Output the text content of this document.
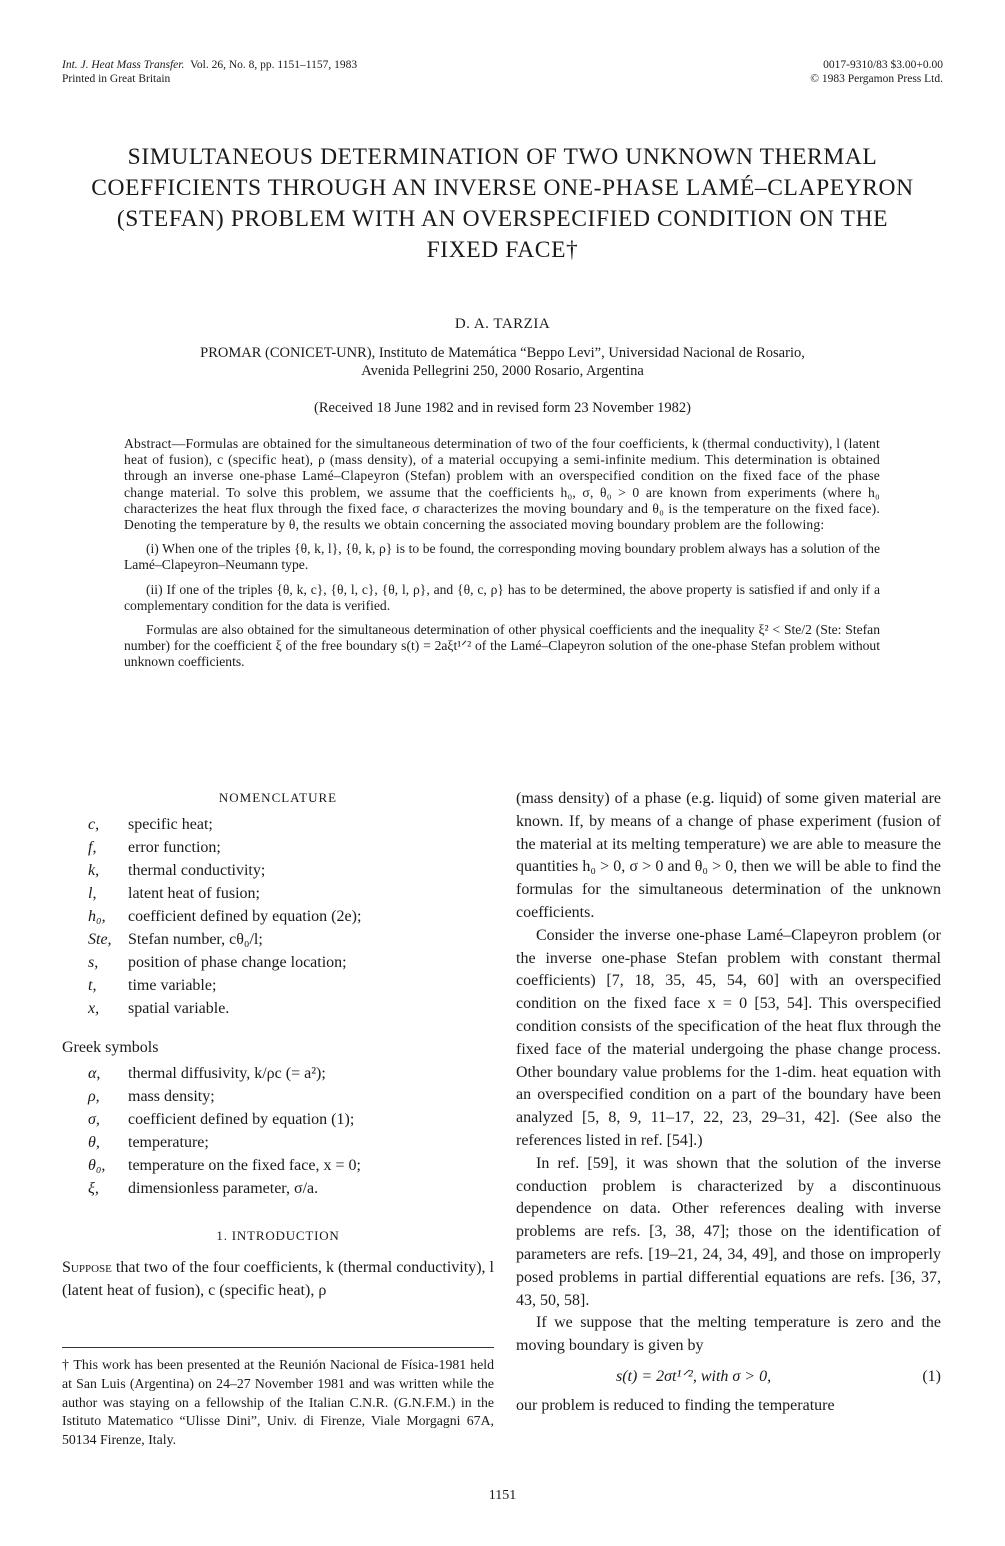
Int. J. Heat Mass Transfer. Vol. 26, No. 8, pp. 1151–1157, 1983
Printed in Great Britain
0017-9310/83 $3.00+0.00
© 1983 Pergamon Press Ltd.
SIMULTANEOUS DETERMINATION OF TWO UNKNOWN THERMAL COEFFICIENTS THROUGH AN INVERSE ONE-PHASE LAMÉ–CLAPEYRON (STEFAN) PROBLEM WITH AN OVERSPECIFIED CONDITION ON THE FIXED FACE†
D. A. TARZIA
PROMAR (CONICET-UNR), Instituto de Matemática “Beppo Levi”, Universidad Nacional de Rosario,
Avenida Pellegrini 250, 2000 Rosario, Argentina
(Received 18 June 1982 and in revised form 23 November 1982)

Abstract—Formulas are obtained for the simultaneous determination of two of the four coefficients, k (thermal conductivity), l (latent heat of fusion), c (specific heat), ρ (mass density), of a material occupying a semi-infinite medium. This determination is obtained through an inverse one-phase Lamé–Clapeyron (Stefan) problem with an overspecified condition on the fixed face of the phase change material. To solve this problem, we assume that the coefficients h₀, σ, θ₀ > 0 are known from experiments (where h₀ characterizes the heat flux through the fixed face, σ characterizes the moving boundary and θ₀ is the temperature on the fixed face). Denoting the temperature by θ, the results we obtain concerning the associated moving boundary problem are the following:

(i) When one of the triples {θ, k, l}, {θ, k, ρ} is to be found, the corresponding moving boundary problem always has a solution of the Lamé–Clapeyron–Neumann type.

(ii) If one of the triples {θ, k, c}, {θ, l, c}, {θ, l, ρ}, and {θ, c, ρ} has to be determined, the above property is satisfied if and only if a complementary condition for the data is verified.

Formulas are also obtained for the simultaneous determination of other physical coefficients and the inequality ξ² < Ste/2 (Ste: Stefan number) for the coefficient ξ of the free boundary s(t) = 2aξt¹ᐟ² of the Lamé–Clapeyron solution of the one-phase Stefan problem without unknown coefficients.

NOMENCLATURE
c,	specific heat;
f,	error function;
k,	thermal conductivity;
l,	latent heat of fusion;
h₀,	coefficient defined by equation (2e);
Ste,	Stefan number, cθ₀/l;
s,	position of phase change location;
t,	time variable;
x,	spatial variable.
Greek symbols
α,	thermal diffusivity, k/ρc (= a²);
ρ,	mass density;
σ,	coefficient defined by equation (1);
θ,	temperature;
θ₀,	temperature on the fixed face, x = 0;
ξ,	dimensionless parameter, σ/a.
1. INTRODUCTION

Suppose that two of the four coefficients, k (thermal conductivity), l (latent heat of fusion), c (specific heat), ρ

† This work has been presented at the Reunión Nacional de Física-1981 held at San Luis (Argentina) on 24–27 November 1981 and was written while the author was staying on a fellowship of the Italian C.N.R. (G.N.F.M.) in the Istituto Matematico “Ulisse Dini”, Univ. di Firenze, Viale Morgagni 67A, 50134 Firenze, Italy.

(mass density) of a phase (e.g. liquid) of some given material are known. If, by means of a change of phase experiment (fusion of the material at its melting temperature) we are able to measure the quantities h₀ > 0, σ > 0 and θ₀ > 0, then we will be able to find the formulas for the simultaneous determination of the unknown coefficients.

Consider the inverse one-phase Lamé–Clapeyron problem (or the inverse one-phase Stefan problem with constant thermal coefficients) [7, 18, 35, 45, 54, 60] with an overspecified condition on the fixed face x = 0 [53, 54]. This overspecified condition consists of the specification of the heat flux through the fixed face of the material undergoing the phase change process. Other boundary value problems for the 1-dim. heat equation with an overspecified condition on a part of the boundary have been analyzed [5, 8, 9, 11–17, 22, 23, 29–31, 42]. (See also the references listed in ref. [54].)

In ref. [59], it was shown that the solution of the inverse conduction problem is characterized by a discontinuous dependence on data. Other references dealing with inverse problems are refs. [3, 38, 47]; those on the identification of parameters are refs. [19–21, 24, 34, 49], and those on improperly posed problems in partial differential equations are refs. [36, 37, 43, 50, 58].

If we suppose that the melting temperature is zero and the moving boundary is given by

s(t) = 2σt¹ᐟ², with σ > 0,	(1)

our problem is reduced to finding the temperature

1151
